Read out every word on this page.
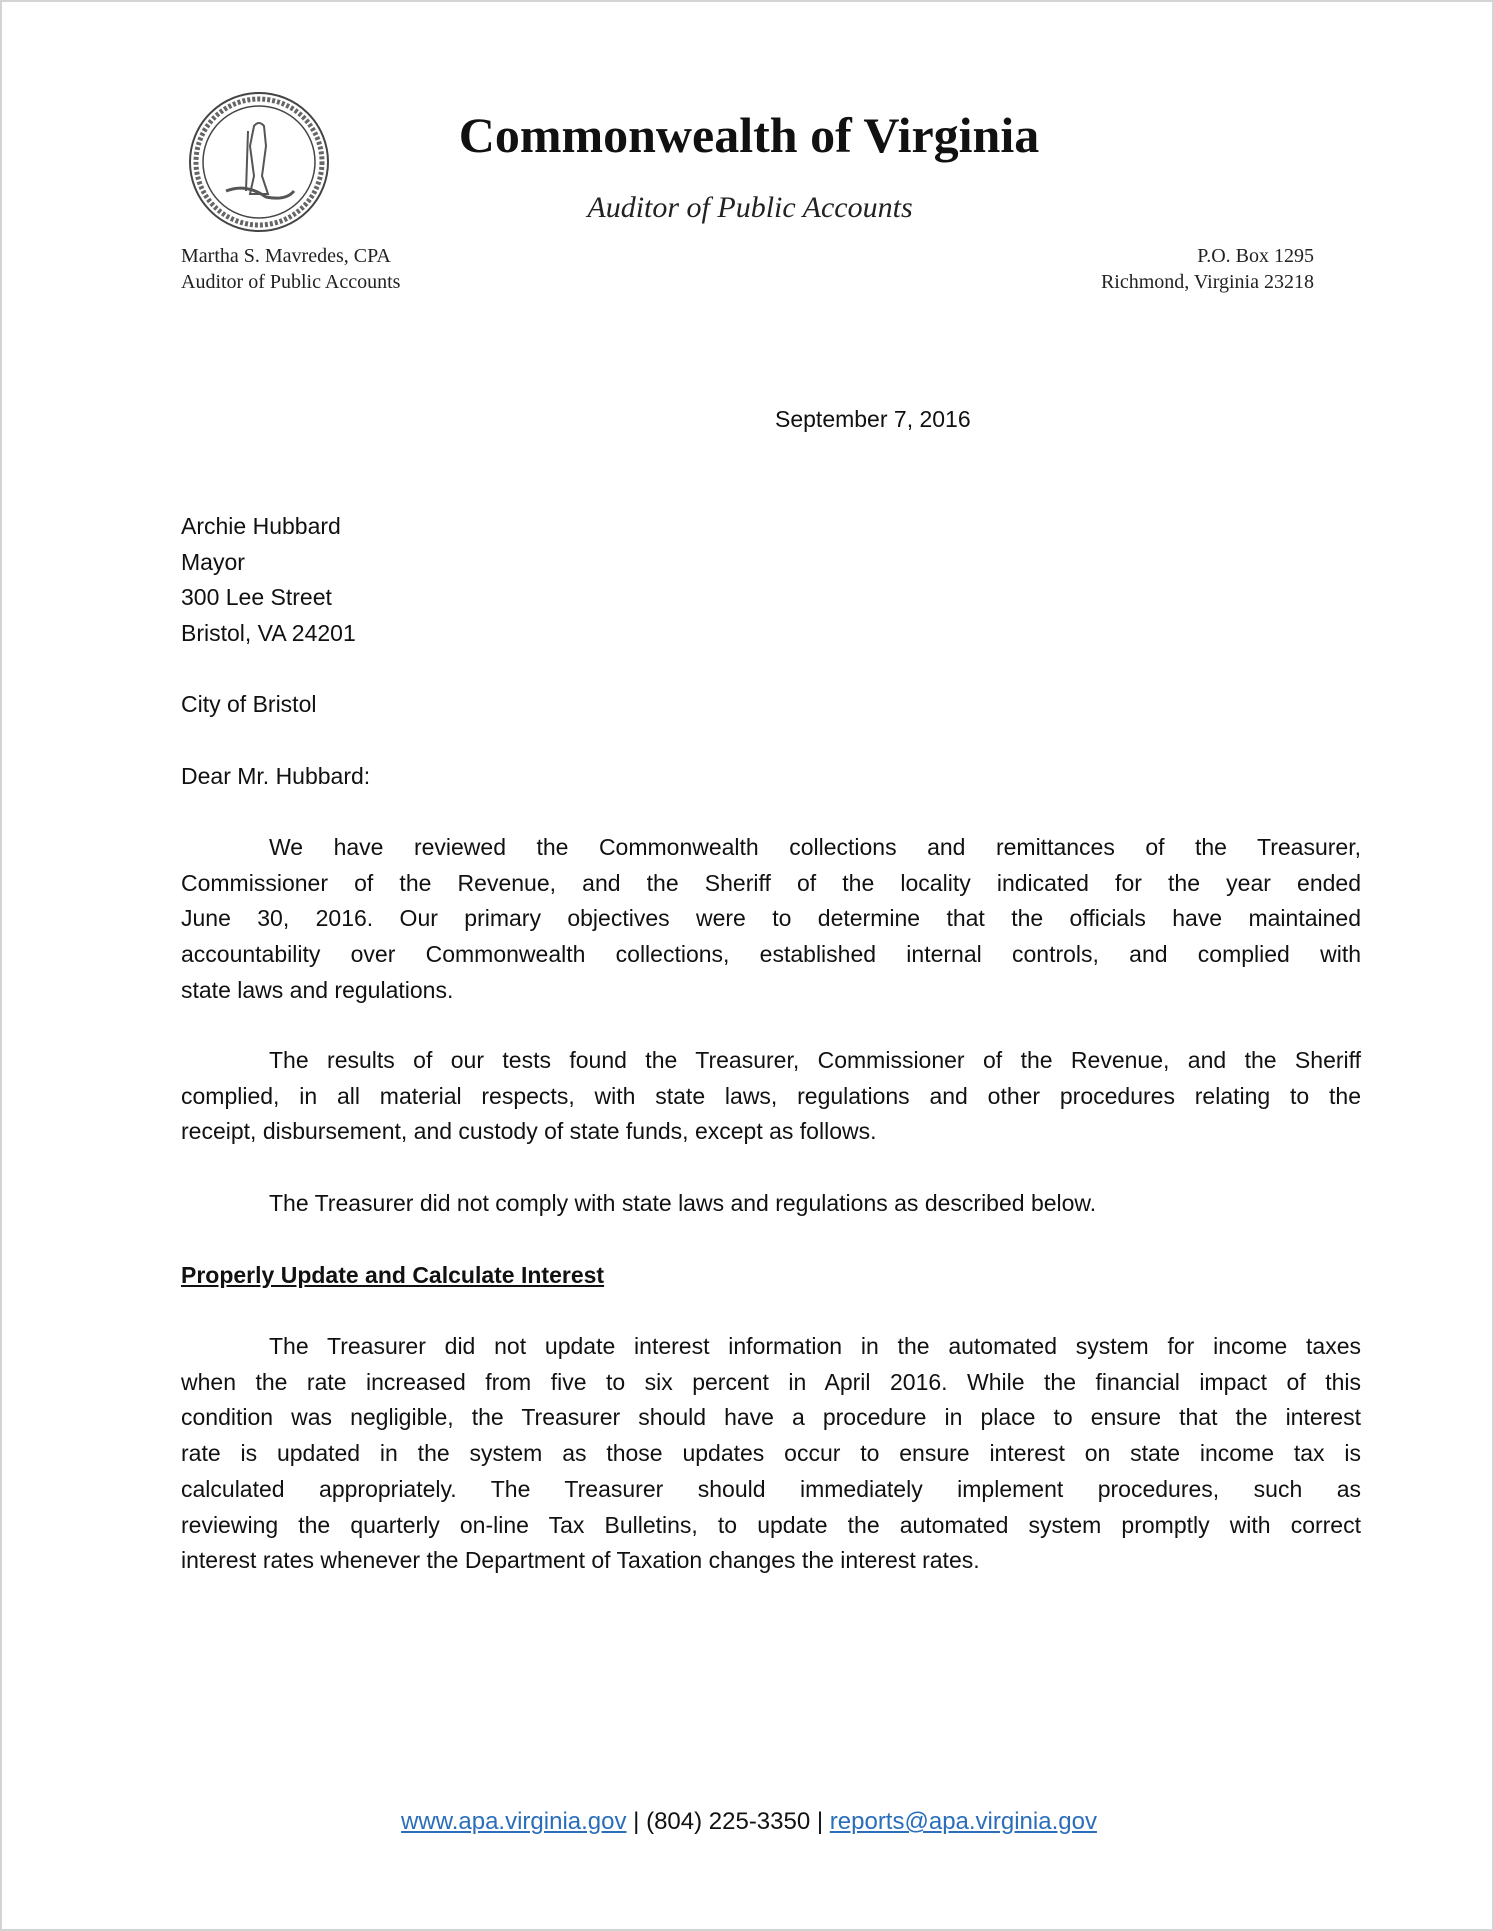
Commonwealth of Virginia
Auditor of Public Accounts
Martha S. Mavredes, CPA
Auditor of Public Accounts
P.O. Box 1295
Richmond, Virginia 23218
September 7, 2016
Archie Hubbard
Mayor
300 Lee Street
Bristol, VA 24201
City of Bristol
Dear Mr. Hubbard:
We have reviewed the Commonwealth collections and remittances of the Treasurer,
Commissioner of the Revenue, and the Sheriff of the locality indicated for the year ended
June 30, 2016. Our primary objectives were to determine that the officials have maintained
accountability over Commonwealth collections, established internal controls, and complied with
state laws and regulations.
The results of our tests found the Treasurer, Commissioner of the Revenue, and the Sheriff
complied, in all material respects, with state laws, regulations and other procedures relating to the
receipt, disbursement, and custody of state funds, except as follows.
The Treasurer did not comply with state laws and regulations as described below.
Properly Update and Calculate Interest
The Treasurer did not update interest information in the automated system for income taxes
when the rate increased from five to six percent in April 2016. While the financial impact of this
condition was negligible, the Treasurer should have a procedure in place to ensure that the interest
rate is updated in the system as those updates occur to ensure interest on state income tax is
calculated appropriately. The Treasurer should immediately implement procedures, such as
reviewing the quarterly on-line Tax Bulletins, to update the automated system promptly with correct
interest rates whenever the Department of Taxation changes the interest rates.
www.apa.virginia.gov | (804) 225-3350 | reports@apa.virginia.gov
